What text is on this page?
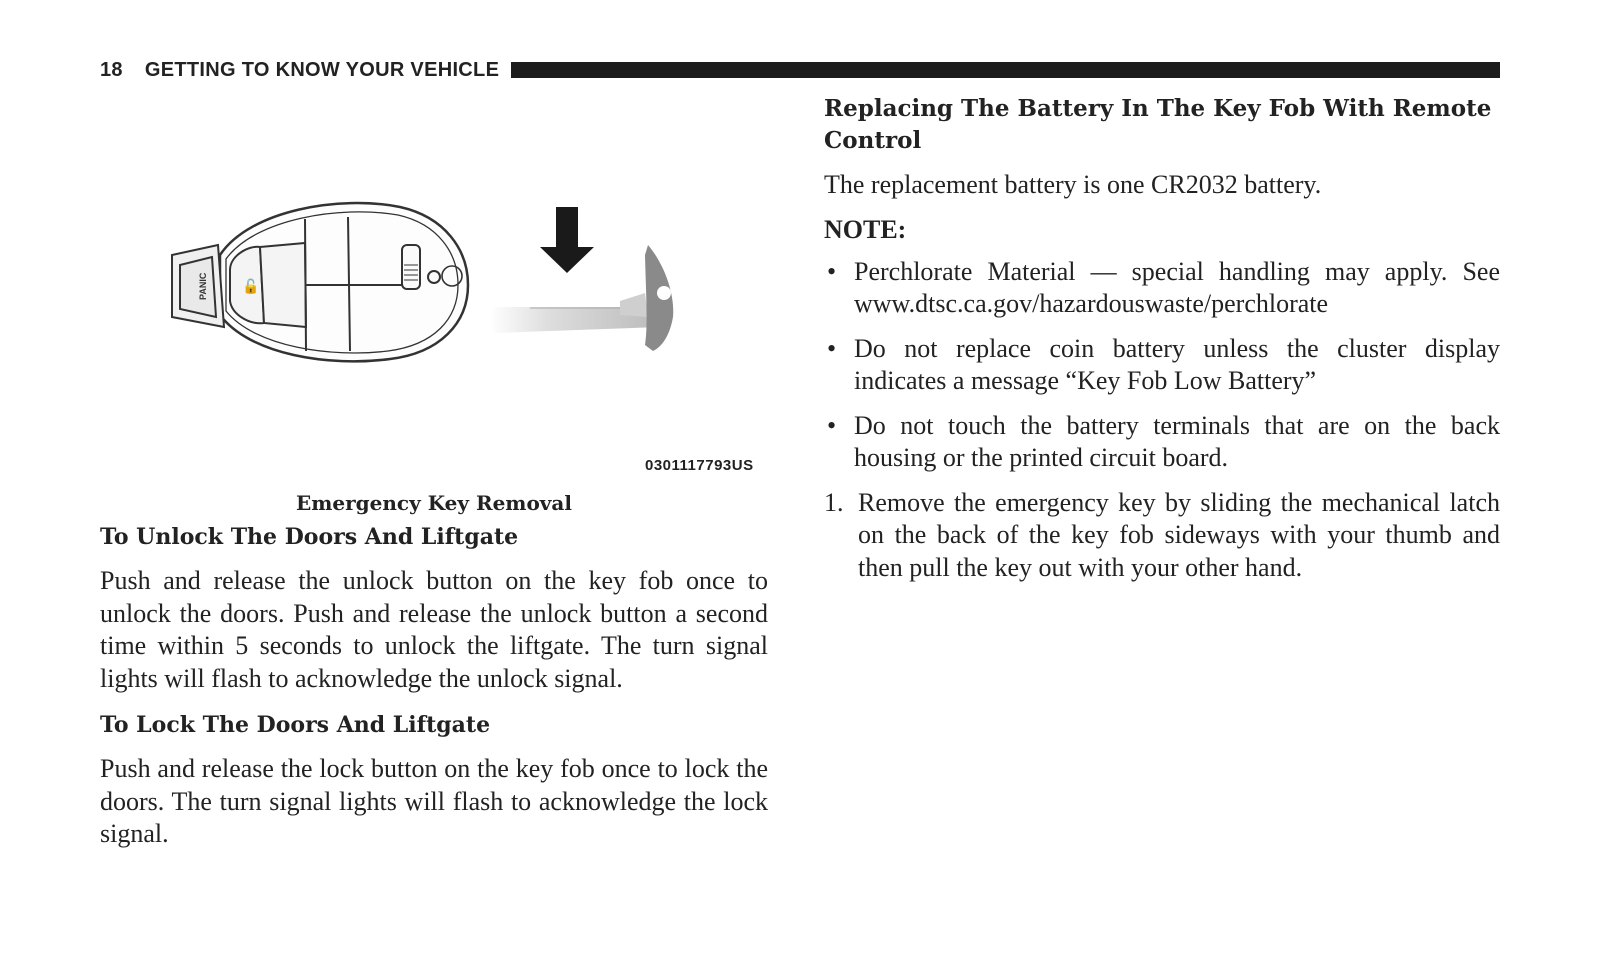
18 GETTING TO KNOW YOUR VEHICLE
PANIC 🔓
0301117793US

Emergency Key Removal

To Unlock The Doors And Liftgate

Push and release the unlock button on the key fob once to unlock the doors. Push and release the unlock button a second time within 5 seconds to unlock the liftgate. The turn signal lights will flash to acknowledge the unlock signal.

To Lock The Doors And Liftgate

Push and release the lock button on the key fob once to lock the doors. The turn signal lights will flash to acknowledge the lock signal.

Replacing The Battery In The Key Fob With Remote Control

The replacement battery is one CR2032 battery.

NOTE:
• Perchlorate Material — special handling may apply. See www.dtsc.ca.gov/hazardouswaste/perchlorate

• Do not replace coin battery unless the cluster display indicates a message “Key Fob Low Battery”

• Do not touch the battery terminals that are on the back housing or the printed circuit board.

1. Remove the emergency key by sliding the mechanical latch on the back of the key fob sideways with your thumb and then pull the key out with your other hand.
